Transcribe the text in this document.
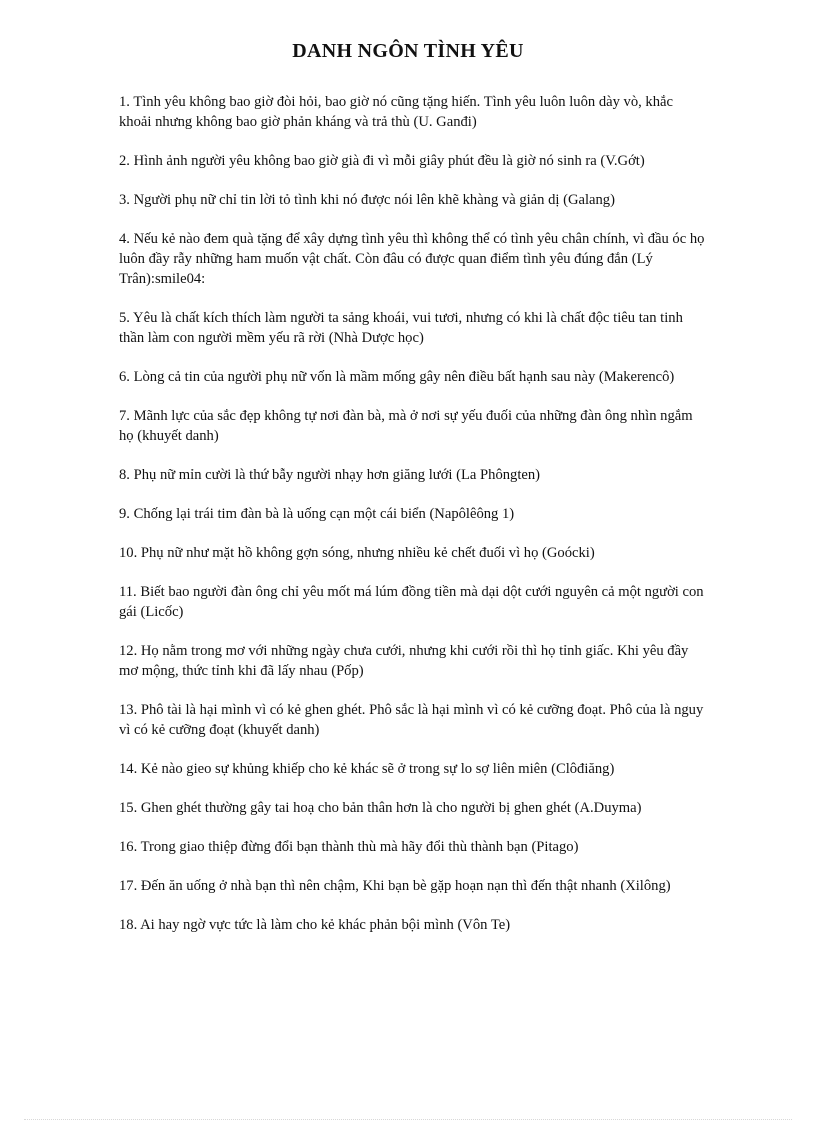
DANH NGÔN TÌNH YÊU
1. Tình yêu không bao giờ đòi hỏi, bao giờ nó cũng tặng hiến. Tình yêu luôn luôn dày vò, khắc khoải nhưng không bao giờ phản kháng và trả thù (U. Ganđi)
2. Hình ảnh người yêu không bao giờ già đi vì mỗi giây phút đều là giờ nó sinh ra (V.Gớt)
3. Người phụ nữ chỉ tin lời tỏ tình khi nó được nói lên khẽ khàng và giản dị (Galang)
4. Nếu kẻ nào đem quà tặng để xây dựng tình yêu thì không thể có tình yêu chân chính, vì đầu óc họ luôn đầy rẫy những ham muốn vật chất. Còn đâu có được quan điểm tình yêu đúng đắn (Lý Trân):smile04:
5. Yêu là chất kích thích làm người ta sảng khoái, vui tươi, nhưng có khi là chất độc tiêu tan tinh thần làm con người mềm yếu rã rời (Nhà Dược học)
6. Lòng cả tin của người phụ nữ vốn là mầm mống gây nên điều bất hạnh sau này (Makerencô)
7. Mãnh lực của sắc đẹp không tự nơi đàn bà, mà ở nơi sự yếu đuối của những đàn ông nhìn ngắm họ (khuyết danh)
8. Phụ nữ mỉn cười là thứ bẫy người nhạy hơn giăng lưới (La Phôngten)
9. Chống lại trái tim đàn bà là uống cạn một cái biển (Napôlêông 1)
10. Phụ nữ như mặt hồ không gợn sóng, nhưng nhiều kẻ chết đuối vì họ (Goócki)
11. Biết bao người đàn ông chỉ yêu mốt má lúm đồng tiền mà dại dột cưới nguyên cả một người con gái (Licốc)
12. Họ nằm trong mơ với những ngày chưa cưới, nhưng khi cưới rồi thì họ tỉnh giấc. Khi yêu đầy mơ mộng, thức tỉnh khi đã lấy nhau (Pốp)
13. Phô tài là hại mình vì có kẻ ghen ghét. Phô sắc là hại mình vì có kẻ cưỡng đoạt. Phô của là nguy vì có kẻ cưỡng đoạt (khuyết danh)
14. Kẻ nào gieo sự khủng khiếp cho kẻ khác sẽ ở trong sự lo sợ liên miên (Clôđiăng)
15. Ghen ghét thường gây tai hoạ cho bản thân hơn là cho người bị ghen ghét (A.Duyma)
16. Trong giao thiệp đừng đổi bạn thành thù mà hãy đổi thù thành bạn (Pitago)
17. Đến ăn uống ở nhà bạn thì nên chậm, Khi bạn bè gặp hoạn nạn thì đến thật nhanh (Xilông)
18. Ai hay ngờ vực tức là làm cho kẻ khác phản bội mình (Vôn Te)
